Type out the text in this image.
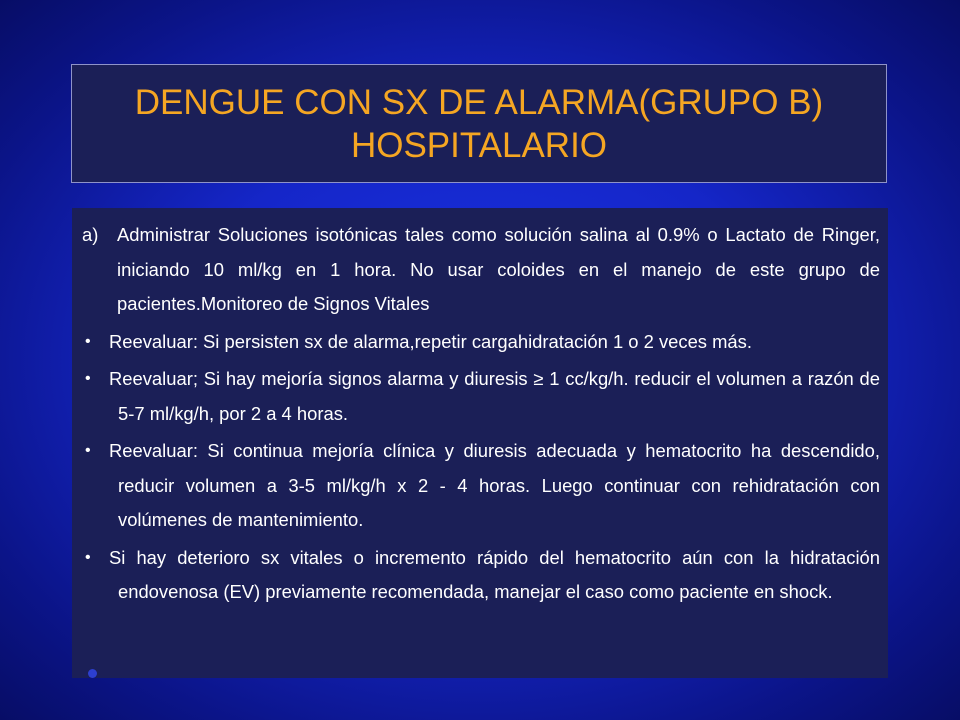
DENGUE CON SX DE ALARMA(GRUPO B)
HOSPITALARIO
a) Administrar Soluciones isotónicas tales como solución salina al 0.9% o Lactato de Ringer, iniciando 10 ml/kg en 1 hora. No usar coloides en el manejo de este grupo de pacientes.Monitoreo de Signos Vitales
• Reevaluar: Si persisten sx de alarma,repetir cargahidratación 1 o 2 veces más.
• Reevaluar; Si hay mejoría signos alarma y diuresis ≥ 1 cc/kg/h. reducir el volumen a razón de 5-7 ml/kg/h, por 2 a 4 horas.
• Reevaluar: Si continua mejoría clínica y diuresis adecuada y hematocrito ha descendido, reducir volumen a 3-5 ml/kg/h x 2 - 4 horas. Luego continuar con rehidratación con volúmenes de mantenimiento.
• Si hay deterioro sx vitales o incremento rápido del hematocrito aún con la hidratación endovenosa (EV) previamente recomendada, manejar el caso como paciente en shock.
